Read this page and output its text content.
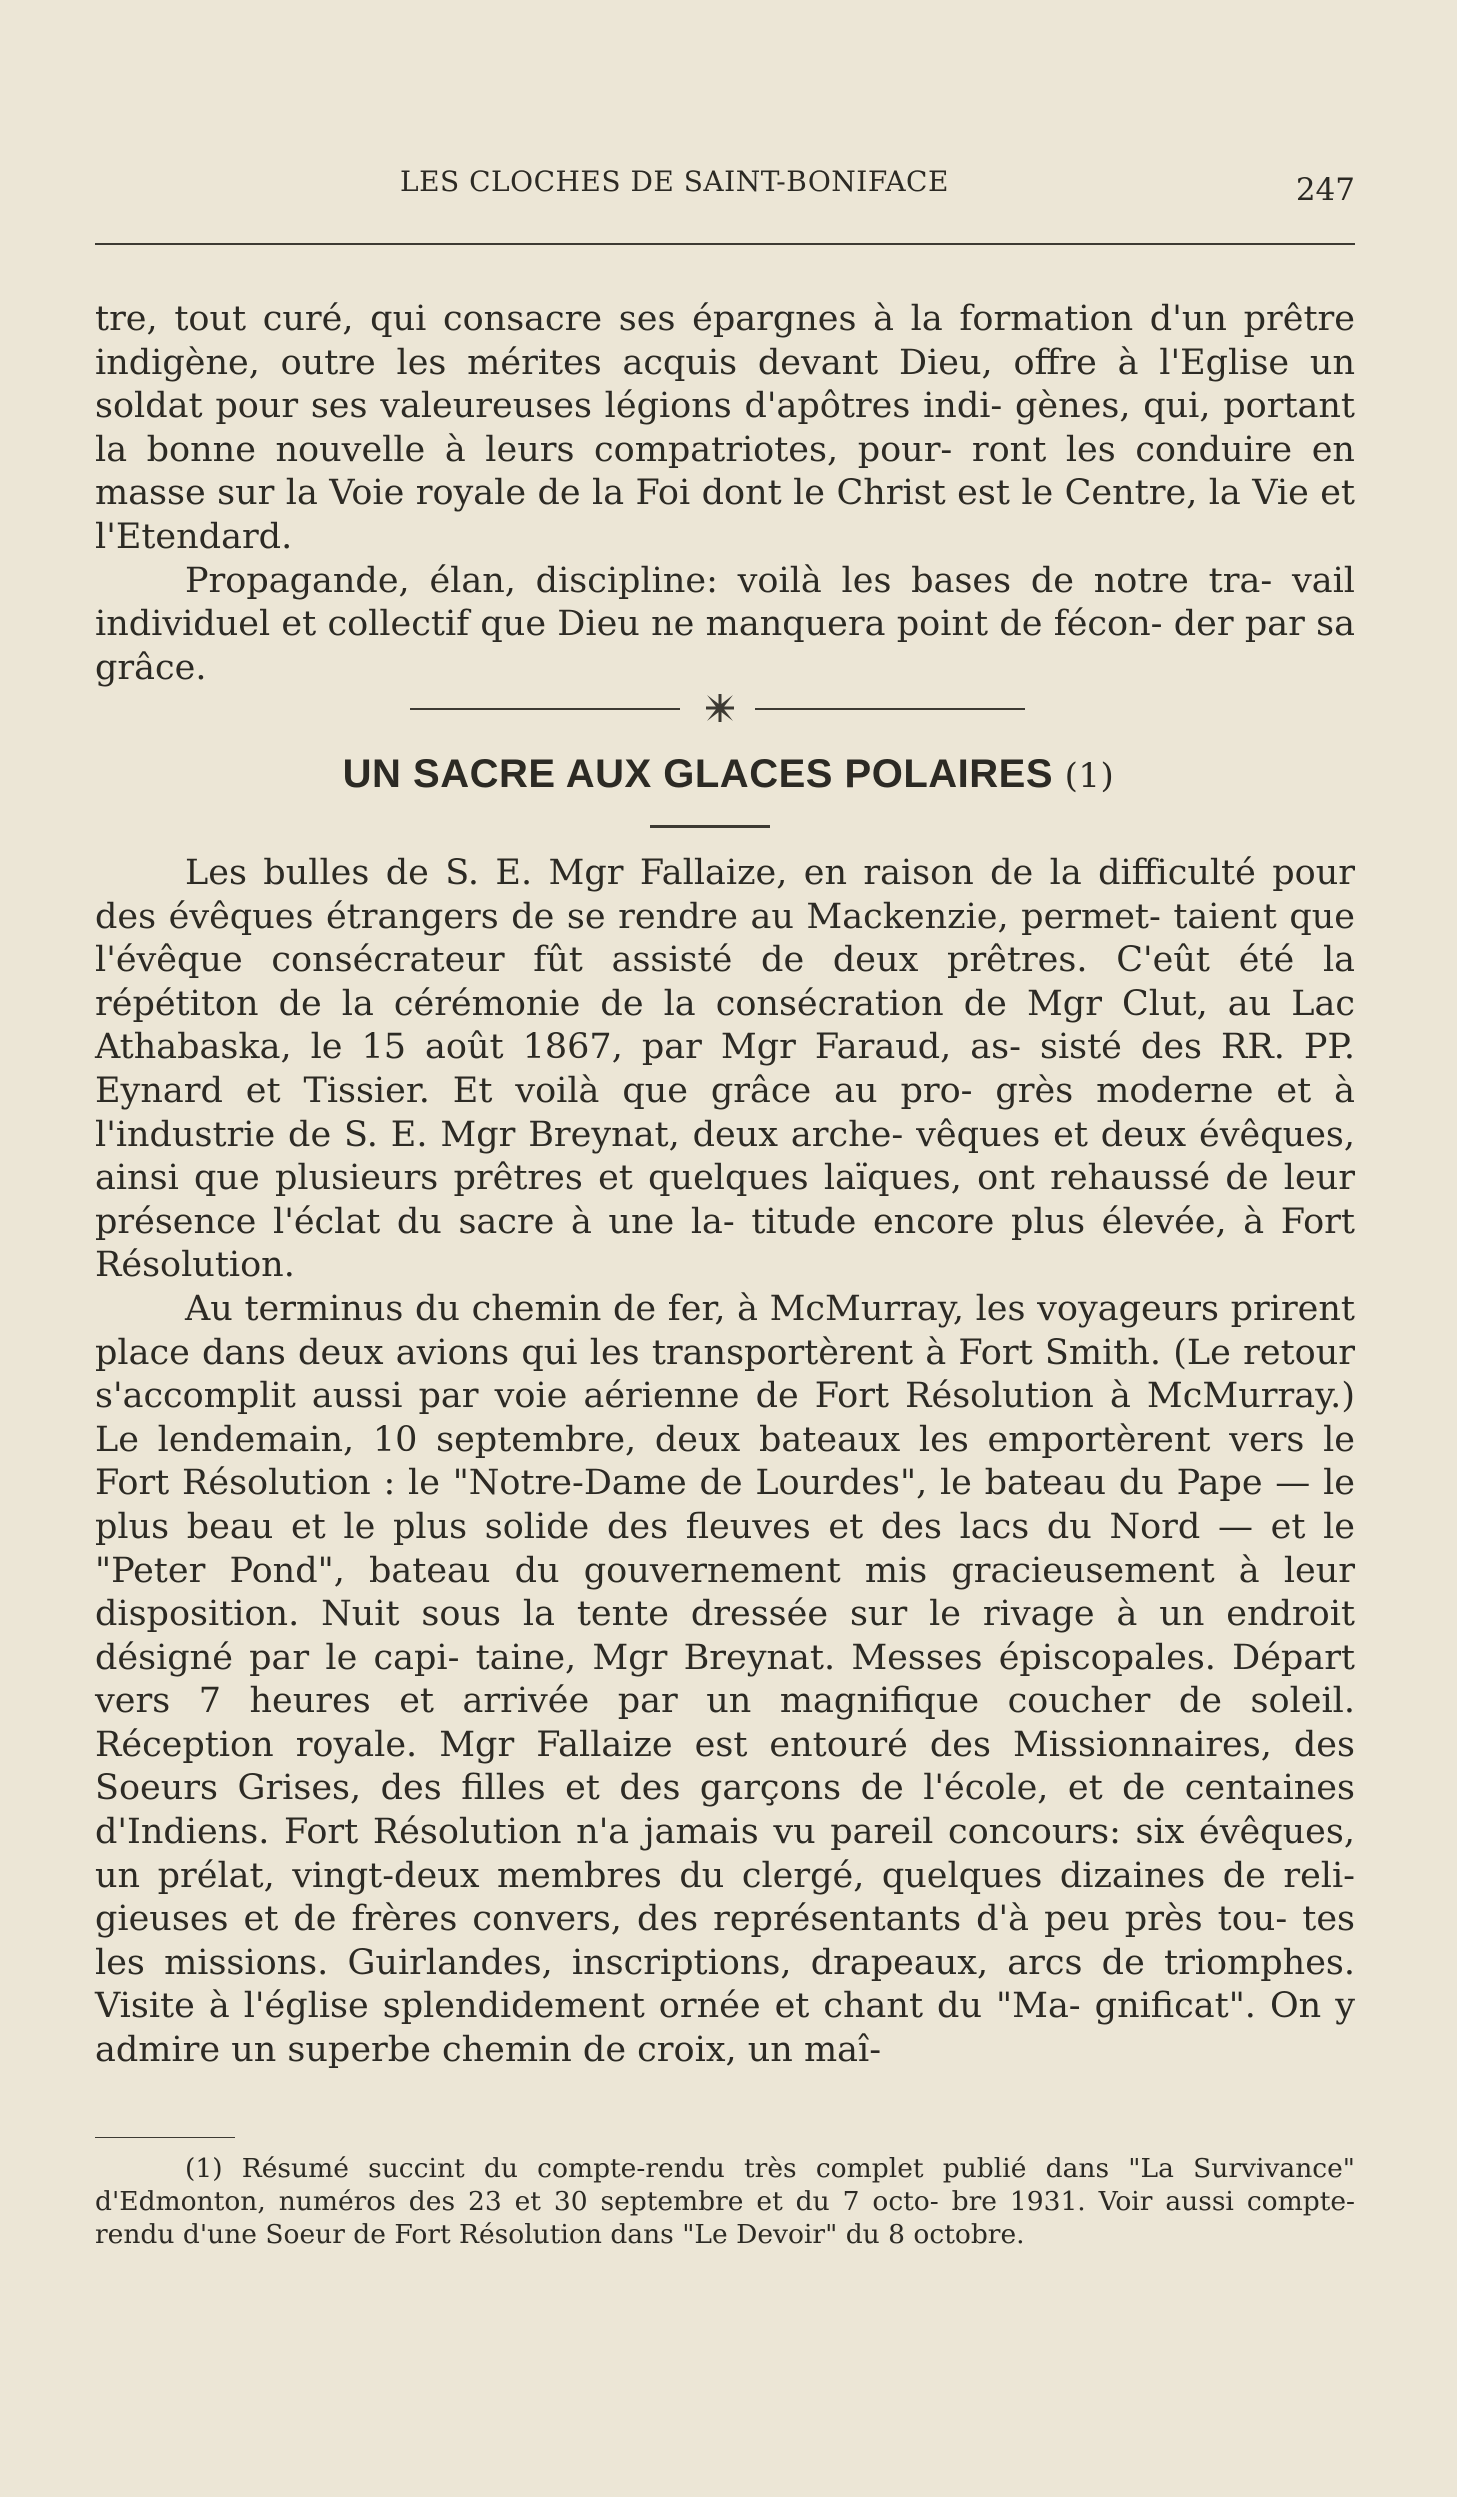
LES CLOCHES DE SAINT-BONIFACE	247

tre, tout curé, qui consacre ses épargnes à la formation d'un prêtre indigène, outre les mérites acquis devant Dieu, offre à l'Eglise un soldat pour ses valeureuses légions d'apôtres indi- gènes, qui, portant la bonne nouvelle à leurs compatriotes, pour- ront les conduire en masse sur la Voie royale de la Foi dont le Christ est le Centre, la Vie et l'Etendard.

Propagande, élan, discipline: voilà les bases de notre tra- vail individuel et collectif que Dieu ne manquera point de fécon- der par sa grâce.

UN SACRE AUX GLACES POLAIRES (1)

Les bulles de S. E. Mgr Fallaize, en raison de la difficulté pour des évêques étrangers de se rendre au Mackenzie, permet- taient que l'évêque consécrateur fût assisté de deux prêtres. C'eût été la répétiton de la cérémonie de la consécration de Mgr Clut, au Lac Athabaska, le 15 août 1867, par Mgr Faraud, as- sisté des RR. PP. Eynard et Tissier. Et voilà que grâce au pro- grès moderne et à l'industrie de S. E. Mgr Breynat, deux arche- vêques et deux évêques, ainsi que plusieurs prêtres et quelques laïques, ont rehaussé de leur présence l'éclat du sacre à une la- titude encore plus élevée, à Fort Résolution.

Au terminus du chemin de fer, à McMurray, les voyageurs prirent place dans deux avions qui les transportèrent à Fort Smith. (Le retour s'accomplit aussi par voie aérienne de Fort Résolution à McMurray.) Le lendemain, 10 septembre, deux bateaux les emportèrent vers le Fort Résolution : le "Notre-Dame de Lourdes", le bateau du Pape — le plus beau et le plus solide des fleuves et des lacs du Nord — et le "Peter Pond", bateau du gouvernement mis gracieusement à leur disposition. Nuit sous la tente dressée sur le rivage à un endroit désigné par le capi- taine, Mgr Breynat. Messes épiscopales. Départ vers 7 heures et arrivée par un magnifique coucher de soleil. Réception royale. Mgr Fallaize est entouré des Missionnaires, des Soeurs Grises, des filles et des garçons de l'école, et de centaines d'Indiens. Fort Résolution n'a jamais vu pareil concours: six évêques, un prélat, vingt-deux membres du clergé, quelques dizaines de reli- gieuses et de frères convers, des représentants d'à peu près tou- tes les missions. Guirlandes, inscriptions, drapeaux, arcs de triomphes. Visite à l'église splendidement ornée et chant du "Ma- gnificat". On y admire un superbe chemin de croix, un maî-

(1) Résumé succint du compte-rendu très complet publié dans "La Survivance" d'Edmonton, numéros des 23 et 30 septembre et du 7 octo- bre 1931. Voir aussi compte-rendu d'une Soeur de Fort Résolution dans "Le Devoir" du 8 octobre.
